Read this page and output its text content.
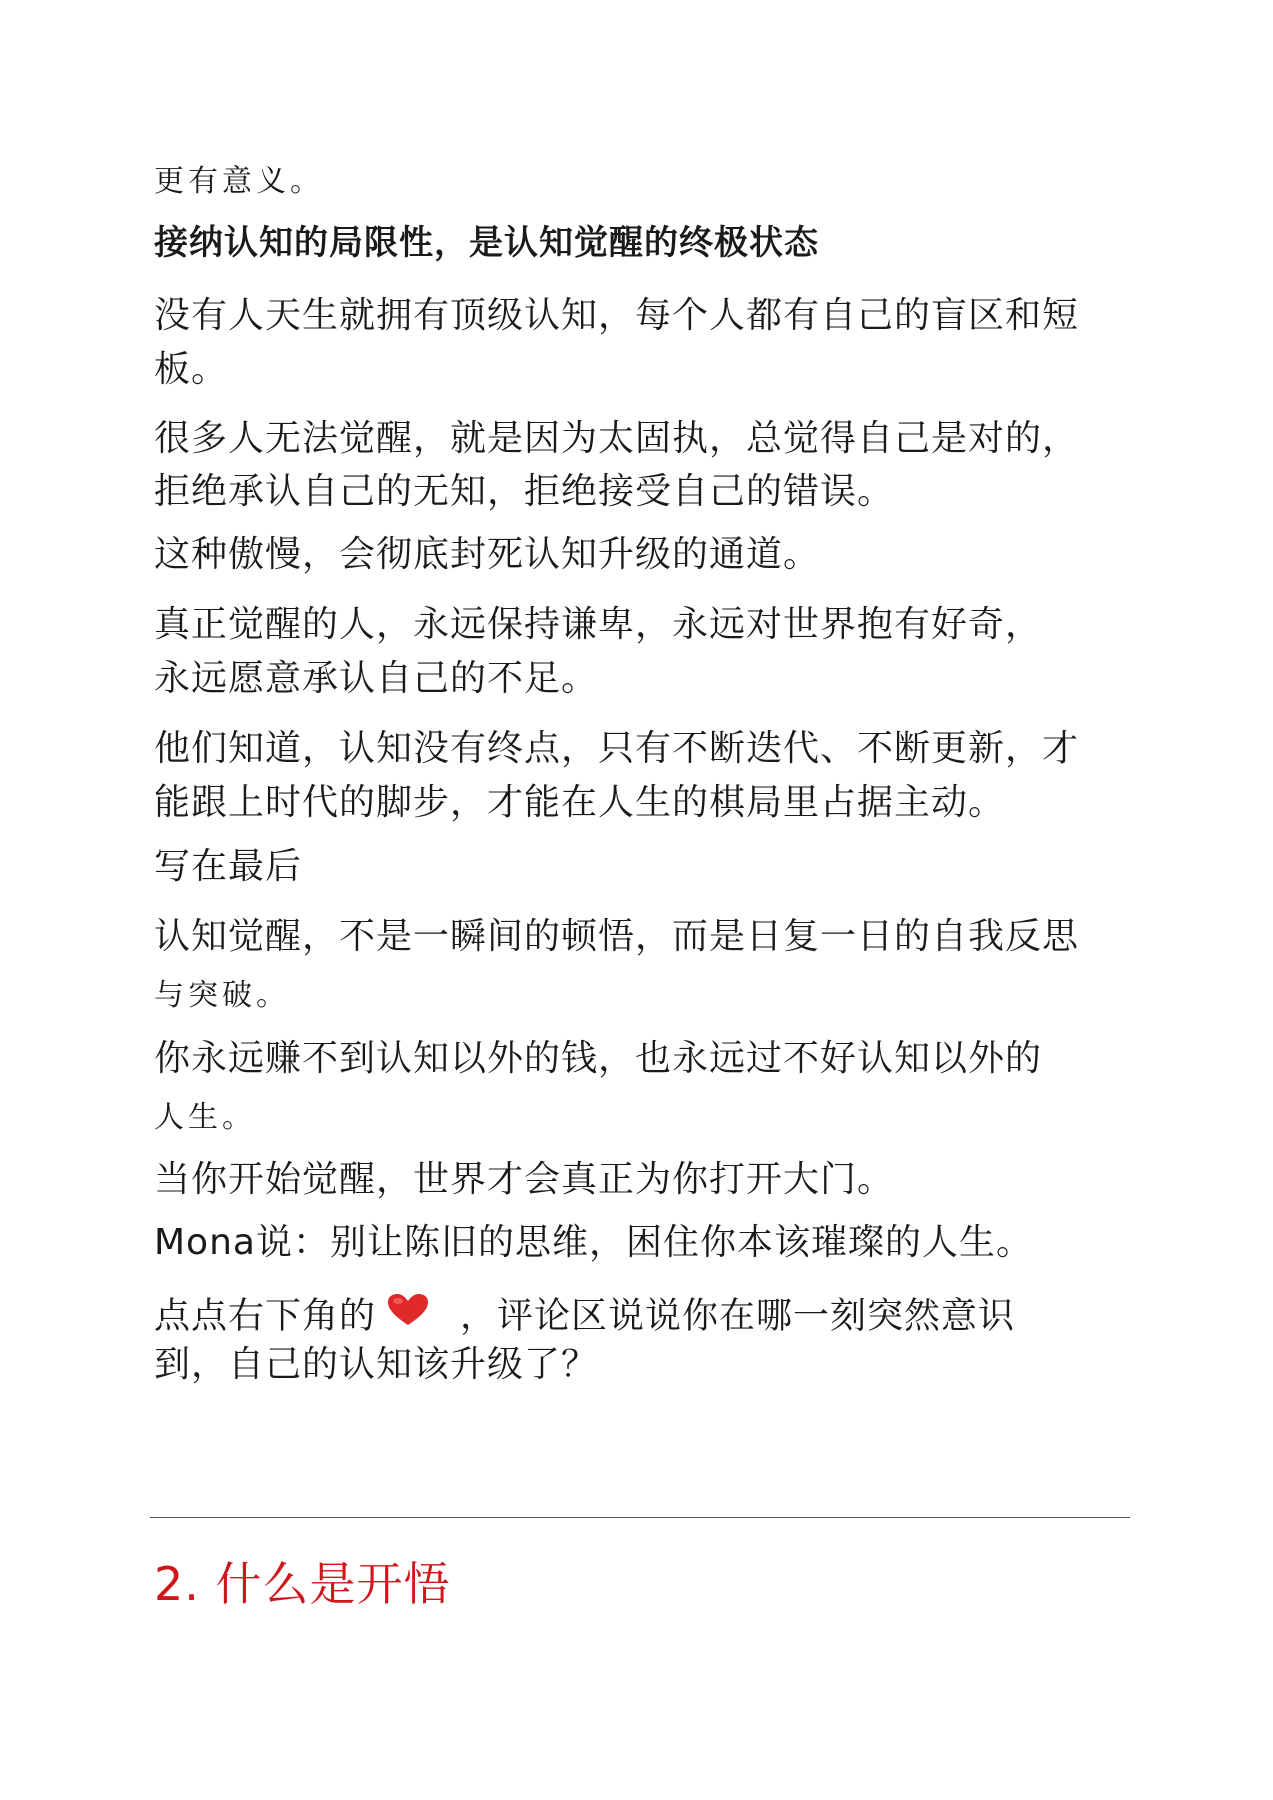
更有意义。
接纳认知的局限性，是认知觉醒的终极状态
没有人天生就拥有顶级认知，每个人都有自己的盲区和短
板。
很多人无法觉醒，就是因为太固执，总觉得自己是对的，
拒绝承认自己的无知，拒绝接受自己的错误。
这种傲慢，会彻底封死认知升级的通道。
真正觉醒的人，永远保持谦卑，永远对世界抱有好奇，
永远愿意承认自己的不足。
他们知道，认知没有终点，只有不断迭代、不断更新，才
能跟上时代的脚步，才能在人生的棋局里占据主动。
写在最后
认知觉醒，不是一瞬间的顿悟，而是日复一日的自我反思
与突破。
你永远赚不到认知以外的钱，也永远过不好认知以外的
人生。
当你开始觉醒，世界才会真正为你打开大门。
Mona说：别让陈旧的思维，困住你本该璀璨的人生。
点点右下角的 ，评论区说说你在哪一刻突然意识
到，自己的认知该升级了？
2. 什么是开悟
